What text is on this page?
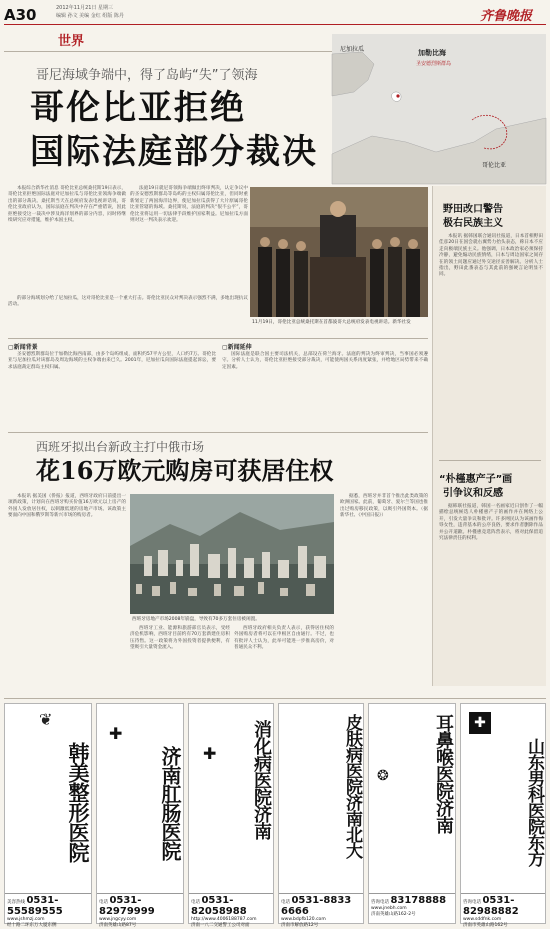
A30	2012年11月21日 星期三
编辑 孙文 美编 金红 组版 陈丹	齐鲁晚报
世界
尼加拉瓜	加勒比海
圣安德烈斯群岛
哥伦比亚
哥尼海域争端中，得了岛屿“失”了领海
哥伦比亚拒绝
国际法庭部分裁决

本报综合新华社消息 哥伦比亚总统桑托斯19日表示，哥伦比亚拒绝国际法庭对尼加拉瓜与哥伦比亚领海争端做出的部分裁决。桑托斯当天在总统府发表电视讲话说，哥伦比亚政府认为，国际法庭在判决中存在严重错误，因此拒绝接受这一裁决中涉及海洋划界的部分内容，同时将继续研究应对措施，维护本国主权。

法庭19日就尼哥领海争端做出终审判决，认定争议中的圣安德烈斯群岛等岛屿的主权归属哥伦比亚，但同时重新划定了两国海洋边界，使尼加拉瓜获得了大片原属哥伦比亚管辖的海域。桑托斯说，法庭的判决“很不公平”，哥伦比亚将运用一切法律手段维护国家利益。尼加拉瓜方面则对这一判决表示欢迎。

的部分海域划分给了尼加拉瓜，这对哥伦比亚是一个重大打击。哥伦比亚民众对判决表示强烈不满，多地出现抗议活动。

11月19日，哥伦比亚总统桑托斯在首都波哥大总统府发表电视讲话。新华社发
野田改口警告
极右民族主义

本报讯 据韩国联合通讯社报道，日本首相野田佳彦20日在国会就右翼势力抬头表态，称日本不应走向极端民族主义。他强调，日本政治家必须保持冷静，避免煽动民族情绪，日本与周边国家之间存在的领土问题应通过外交途径妥善解决。分析人士指出，野田此番表态与其此前的强硬言论明显不同。

“朴槿惠产子”画
引争议和反感

据韩联社报道，韩国一名画家近日创作了一幅描绘总统候选人朴槿惠产子的画作并在网络上公开，引发大量争议和批评。许多网民认为该画作侮辱女性，违背基本的公序良俗，要求作者删除作品并公开道歉。朴槿惠竞选阵营表示，将对此保留追究法律责任的权利。

▢新闻背景

圣安德烈斯群岛位于加勒比海西南部，由多个岛屿组成，面积约57平方公里，人口约7万。哥伦比亚与尼加拉瓜对该群岛及周边海域的主权争端由来已久。2001年，尼加拉瓜向国际法庭提起诉讼，要求法庭裁定群岛主权归属。

▢新闻延伸

国际法庭是联合国主要司法机关，总部设在荷兰海牙。法庭的判决为终审判决，当事国必须遵守。分析人士认为，哥伦比亚拒绝接受部分裁决，可能使两国关系再度紧张，并给地区局势带来不确定因素。

西班牙拟出台新政主打中俄市场
花16万欧元购房可获居住权

本报讯 据美国《侨报》报道，西班牙政府日前提出一项新政策，计划向在西班牙购买价值16万欧元以上房产的外国人发放居住权，以刺激低迷的房地产市场。该政策主要面向中国和俄罗斯等新兴市场的购房者。

西班牙房地产市场2008年崩盘，导致有70多万套住房被闲置。

西班牙工业、能源和旅游部官员表示，受经济危机影响，西班牙目前约有70万套新建住房积压待售。这一政策将为外国投资者提供便利，有望吸引大量资金流入。

西班牙政府相关负责人表示，获得居住权的外国购房者将可以在申根区自由通行。不过，也有批评人士认为，此举可能进一步推高房价，对普通民众不利。

据悉，西班牙并非首个推出此类政策的欧洲国家。此前，葡萄牙、爱尔兰等国也推出过购房移民政策，以吸引外国资本。（据新华社、《中国日报》）

❦
韩美整形医院
美容热线 0531-55589555
www.jshmzj.com
经十路二环东万大厦东侧
✚
济南肛肠医院
电话 0531-82979999
www.jngcyy.com
济南英雄山路87号
✚	消化病医院济南
电话 0531-82058988
http://www.4006188787.com
济南一八二交通警工公司对面
皮肤病医院济南北大
电话 0531-8833 6666
www.bdpfb120.com
济南市解放路12号
❂	耳鼻喉医院济南
咨询电话 83178888
www.jnebh.com
济南英雄山路162-2号
✚
山东男科医院东方
咨询电话 0531-82988882
www.sddfnk.com
济南市英雄山路162号
